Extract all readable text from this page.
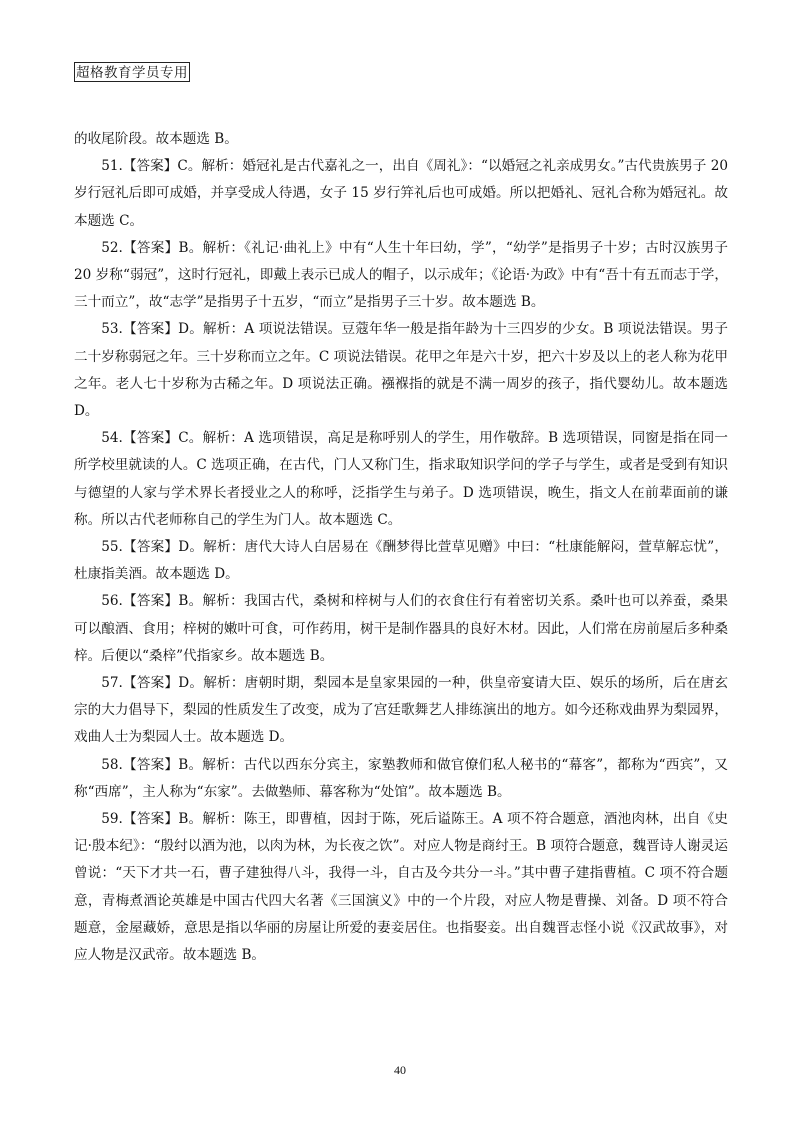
超格教育学员专用

的收尾阶段。故本题选 B。

51.【答案】C。解析：婚冠礼是古代嘉礼之一，出自《周礼》：“以婚冠之礼亲成男女。”古代贵族男子 20 岁行冠礼后即可成婚，并享受成人待遇，女子 15 岁行笄礼后也可成婚。所以把婚礼、冠礼合称为婚冠礼。故本题选 C。

52.【答案】B。解析：《礼记·曲礼上》中有“人生十年曰幼，学”，“幼学”是指男子十岁；古时汉族男子 20 岁称“弱冠”，这时行冠礼，即戴上表示已成人的帽子，以示成年；《论语·为政》中有“吾十有五而志于学，三十而立”，故“志学”是指男子十五岁，“而立”是指男子三十岁。故本题选 B。

53.【答案】D。解析：A 项说法错误。豆蔻年华一般是指年龄为十三四岁的少女。B 项说法错误。男子二十岁称弱冠之年。三十岁称而立之年。C 项说法错误。花甲之年是六十岁，把六十岁及以上的老人称为花甲之年。老人七十岁称为古稀之年。D 项说法正确。襁褓指的就是不满一周岁的孩子，指代婴幼儿。故本题选 D。

54.【答案】C。解析：A 选项错误，高足是称呼别人的学生，用作敬辞。B 选项错误，同窗是指在同一所学校里就读的人。C 选项正确，在古代，门人又称门生，指求取知识学问的学子与学生，或者是受到有知识与德望的人家与学术界长者授业之人的称呼，泛指学生与弟子。D 选项错误，晚生，指文人在前辈面前的谦称。所以古代老师称自己的学生为门人。故本题选 C。

55.【答案】D。解析：唐代大诗人白居易在《酬梦得比萱草见赠》中曰：“杜康能解闷，萱草解忘忧”，杜康指美酒。故本题选 D。

56.【答案】B。解析：我国古代，桑树和梓树与人们的衣食住行有着密切关系。桑叶也可以养蚕，桑果可以酿酒、食用；梓树的嫩叶可食，可作药用，树干是制作器具的良好木材。因此，人们常在房前屋后多种桑梓。后便以“桑梓”代指家乡。故本题选 B。

57.【答案】D。解析：唐朝时期，梨园本是皇家果园的一种，供皇帝宴请大臣、娱乐的场所，后在唐玄宗的大力倡导下，梨园的性质发生了改变，成为了宫廷歌舞艺人排练演出的地方。如今还称戏曲界为梨园界，戏曲人士为梨园人士。故本题选 D。

58.【答案】B。解析：古代以西东分宾主，家塾教师和做官僚们私人秘书的“幕客”，都称为“西宾”，又称“西席”，主人称为“东家”。去做塾师、幕客称为“处馆”。故本题选 B。

59.【答案】B。解析：陈王，即曹植，因封于陈，死后谥陈王。A 项不符合题意，酒池肉林，出自《史记·殷本纪》：“殷纣以酒为池，以肉为林，为长夜之饮”。对应人物是商纣王。B 项符合题意，魏晋诗人谢灵运曾说：“天下才共一石，曹子建独得八斗，我得一斗，自古及今共分一斗。”其中曹子建指曹植。C 项不符合题意，青梅煮酒论英雄是中国古代四大名著《三国演义》中的一个片段，对应人物是曹操、刘备。D 项不符合题意，金屋藏娇，意思是指以华丽的房屋让所爱的妻妾居住。也指娶妾。出自魏晋志怪小说《汉武故事》，对应人物是汉武帝。故本题选 B。

40
